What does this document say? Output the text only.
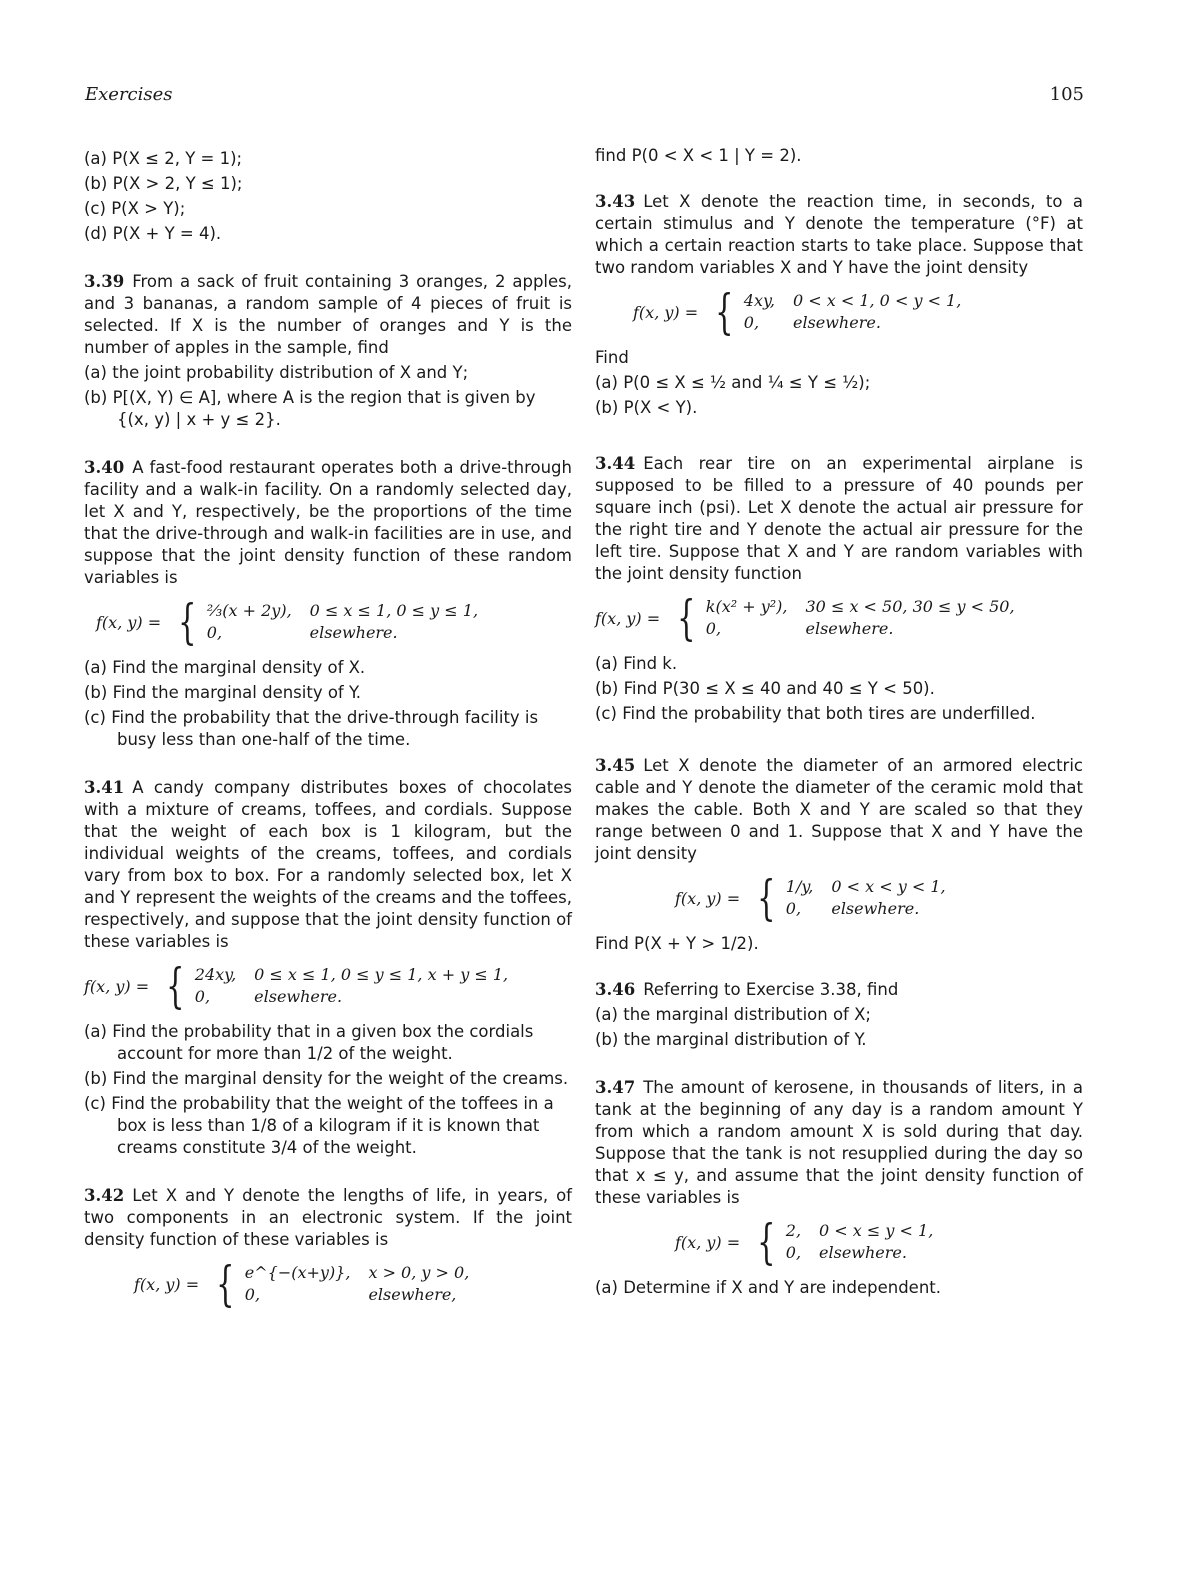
Exercises	105

(a) P(X ≤ 2, Y = 1);

(b) P(X > 2, Y ≤ 1);

(c) P(X > Y);

(d) P(X + Y = 4).

3.39 From a sack of fruit containing 3 oranges, 2 apples, and 3 bananas, a random sample of 4 pieces of fruit is selected. If X is the number of oranges and Y is the number of apples in the sample, find

(a) the joint probability distribution of X and Y;

(b) P[(X, Y) ∈ A], where A is the region that is given by {(x, y) | x + y ≤ 2}.

3.40 A fast-food restaurant operates both a drive-through facility and a walk-in facility. On a randomly selected day, let X and Y, respectively, be the proportions of the time that the drive-through and walk-in facilities are in use, and suppose that the joint density function of these random variables is

f(x, y) = { ⅔(x + 2y), 0 ≤ x ≤ 1, 0 ≤ y ≤ 1,
0,	elsewhere.

(a) Find the marginal density of X.

(b) Find the marginal density of Y.

(c) Find the probability that the drive-through facility is busy less than one-half of the time.

3.41 A candy company distributes boxes of chocolates with a mixture of creams, toffees, and cordials. Suppose that the weight of each box is 1 kilogram, but the individual weights of the creams, toffees, and cordials vary from box to box. For a randomly selected box, let X and Y represent the weights of the creams and the toffees, respectively, and suppose that the joint density function of these variables is

f(x, y) = { 24xy, 0 ≤ x ≤ 1, 0 ≤ y ≤ 1, x + y ≤ 1,
0,	elsewhere.

(a) Find the probability that in a given box the cordials account for more than 1/2 of the weight.

(b) Find the marginal density for the weight of the creams.

(c) Find the probability that the weight of the toffees in a box is less than 1/8 of a kilogram if it is known that creams constitute 3/4 of the weight.

3.42 Let X and Y denote the lengths of life, in years, of two components in an electronic system. If the joint density function of these variables is

f(x, y) = { e^{−(x+y)}, x > 0, y > 0,
0,	elsewhere,

find P(0 < X < 1 | Y = 2).

3.43 Let X denote the reaction time, in seconds, to a certain stimulus and Y denote the temperature (°F) at which a certain reaction starts to take place. Suppose that two random variables X and Y have the joint density

f(x, y) = { 4xy, 0 < x < 1, 0 < y < 1,
0,	elsewhere.

Find

(a) P(0 ≤ X ≤ ½ and ¼ ≤ Y ≤ ½);

(b) P(X < Y).

3.44 Each rear tire on an experimental airplane is supposed to be filled to a pressure of 40 pounds per square inch (psi). Let X denote the actual air pressure for the right tire and Y denote the actual air pressure for the left tire. Suppose that X and Y are random variables with the joint density function

f(x, y) = { k(x² + y²), 30 ≤ x < 50, 30 ≤ y < 50,
0,	elsewhere.

(a) Find k.

(b) Find P(30 ≤ X ≤ 40 and 40 ≤ Y < 50).

(c) Find the probability that both tires are underfilled.

3.45 Let X denote the diameter of an armored electric cable and Y denote the diameter of the ceramic mold that makes the cable. Both X and Y are scaled so that they range between 0 and 1. Suppose that X and Y have the joint density

f(x, y) = { 1/y, 0 < x < y < 1,
0,	elsewhere.

Find P(X + Y > 1/2).

3.46 Referring to Exercise 3.38, find

(a) the marginal distribution of X;

(b) the marginal distribution of Y.

3.47 The amount of kerosene, in thousands of liters, in a tank at the beginning of any day is a random amount Y from which a random amount X is sold during that day. Suppose that the tank is not resupplied during the day so that x ≤ y, and assume that the joint density function of these variables is

f(x, y) = { 2, 0 < x ≤ y < 1,
0, elsewhere.

(a) Determine if X and Y are independent.
